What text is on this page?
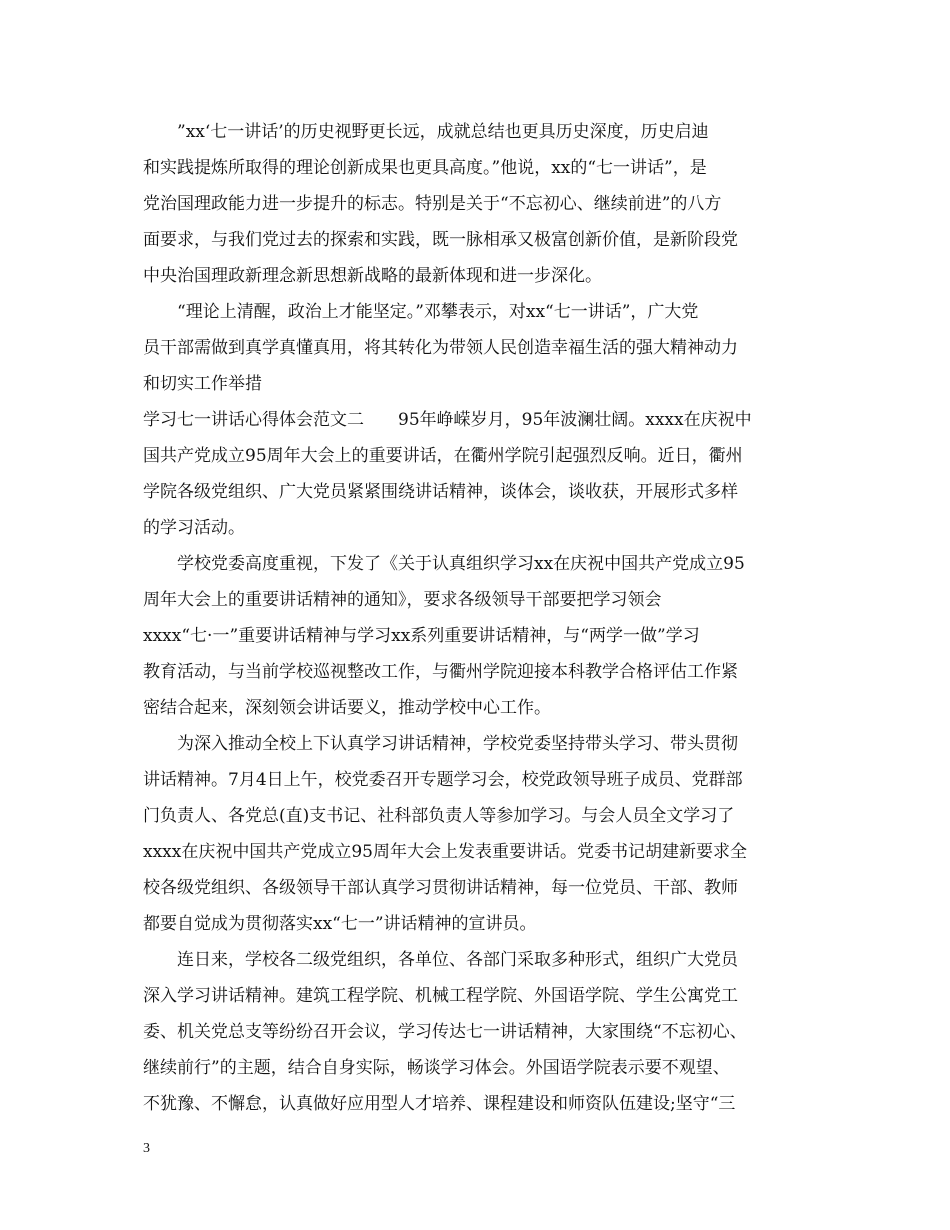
”xx‘七一讲话’的历史视野更长远，成就总结也更具历史深度，历史启迪
和实践提炼所取得的理论创新成果也更具高度。”他说，xx的“七一讲话”，是
党治国理政能力进一步提升的标志。特别是关于“不忘初心、继续前进”的八方
面要求，与我们党过去的探索和实践，既一脉相承又极富创新价值，是新阶段党
中央治国理政新理念新思想新战略的最新体现和进一步深化。
“理论上清醒，政治上才能坚定。”邓攀表示，对xx“七一讲话”，广大党
员干部需做到真学真懂真用，将其转化为带领人民创造幸福生活的强大精神动力
和切实工作举措
学习七一讲话心得体会范文二　　95年峥嵘岁月，95年波澜壮阔。xxxx在庆祝中
国共产党成立95周年大会上的重要讲话，在衢州学院引起强烈反响。近日，衢州
学院各级党组织、广大党员紧紧围绕讲话精神，谈体会，谈收获，开展形式多样
的学习活动。
学校党委高度重视，下发了《关于认真组织学习xx在庆祝中国共产党成立95
周年大会上的重要讲话精神的通知》，要求各级领导干部要把学习领会
xxxx“七·一”重要讲话精神与学习xx系列重要讲话精神，与“两学一做”学习
教育活动，与当前学校巡视整改工作，与衢州学院迎接本科教学合格评估工作紧
密结合起来，深刻领会讲话要义，推动学校中心工作。
为深入推动全校上下认真学习讲话精神，学校党委坚持带头学习、带头贯彻
讲话精神。7月4日上午，校党委召开专题学习会，校党政领导班子成员、党群部
门负责人、各党总(直)支书记、社科部负责人等参加学习。与会人员全文学习了
xxxx在庆祝中国共产党成立95周年大会上发表重要讲话。党委书记胡建新要求全
校各级党组织、各级领导干部认真学习贯彻讲话精神，每一位党员、干部、教师
都要自觉成为贯彻落实xx“七一”讲话精神的宣讲员。
连日来，学校各二级党组织，各单位、各部门采取多种形式，组织广大党员
深入学习讲话精神。建筑工程学院、机械工程学院、外国语学院、学生公寓党工
委、机关党总支等纷纷召开会议，学习传达七一讲话精神，大家围绕“不忘初心、
继续前行”的主题，结合自身实际，畅谈学习体会。外国语学院表示要不观望、
不犹豫、不懈怠，认真做好应用型人才培养、课程建设和师资队伍建设;坚守“三
3
